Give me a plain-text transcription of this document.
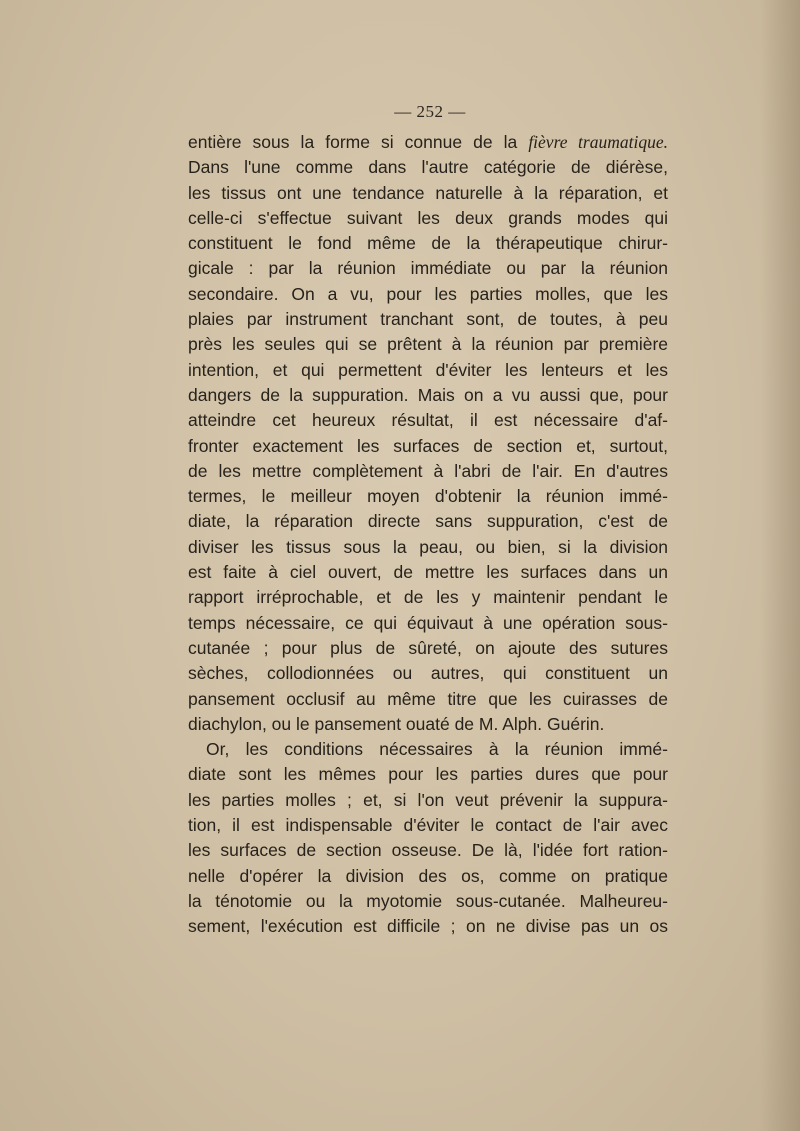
— 252 —
entière sous la forme si connue de la fièvre traumatique.
Dans l'une comme dans l'autre catégorie de diérèse,
les tissus ont une tendance naturelle à la réparation, et
celle-ci s'effectue suivant les deux grands modes qui
constituent le fond même de la thérapeutique chirur-
gicale : par la réunion immédiate ou par la réunion
secondaire. On a vu, pour les parties molles, que les
plaies par instrument tranchant sont, de toutes, à peu
près les seules qui se prêtent à la réunion par première
intention, et qui permettent d'éviter les lenteurs et les
dangers de la suppuration. Mais on a vu aussi que, pour
atteindre cet heureux résultat, il est nécessaire d'af-
fronter exactement les surfaces de section et, surtout,
de les mettre complètement à l'abri de l'air. En d'autres
termes, le meilleur moyen d'obtenir la réunion immé-
diate, la réparation directe sans suppuration, c'est de
diviser les tissus sous la peau, ou bien, si la division
est faite à ciel ouvert, de mettre les surfaces dans un
rapport irréprochable, et de les y maintenir pendant le
temps nécessaire, ce qui équivaut à une opération sous-
cutanée ; pour plus de sûreté, on ajoute des sutures
sèches, collodionnées ou autres, qui constituent un
pansement occlusif au même titre que les cuirasses de
diachylon, ou le pansement ouaté de M. Alph. Guérin.
Or, les conditions nécessaires à la réunion immé-
diate sont les mêmes pour les parties dures que pour
les parties molles ; et, si l'on veut prévenir la suppura-
tion, il est indispensable d'éviter le contact de l'air avec
les surfaces de section osseuse. De là, l'idée fort ration-
nelle d'opérer la division des os, comme on pratique
la ténotomie ou la myotomie sous-cutanée. Malheureu-
sement, l'exécution est difficile ; on ne divise pas un os
